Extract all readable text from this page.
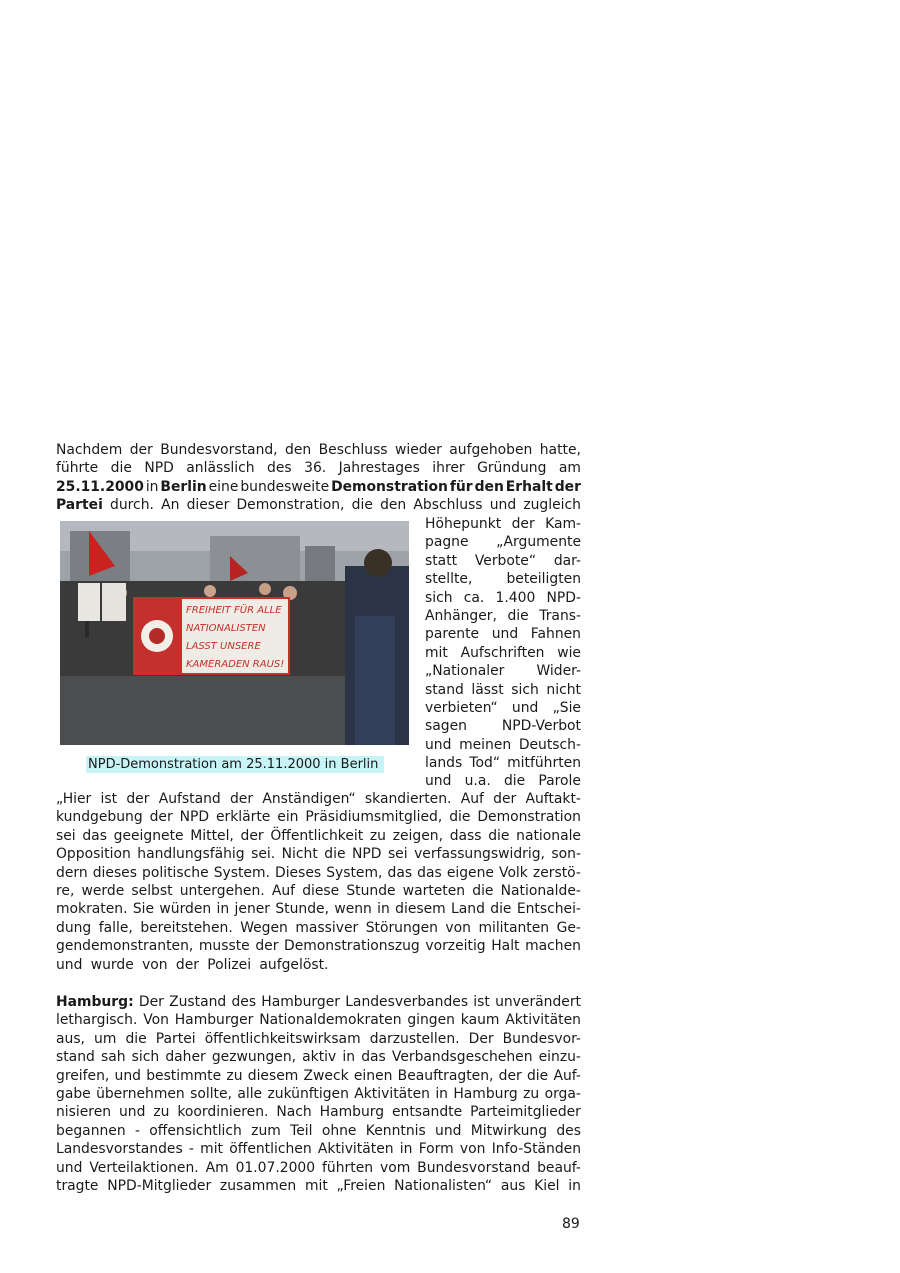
Nachdem der Bundesvorstand, den Beschluss wieder aufgehoben hatte,
führte die NPD anlässlich des 36. Jahrestages ihrer Gründung am
25.11.2000 in Berlin eine bundesweite Demonstration für den Erhalt der
Partei durch. An dieser Demonstration, die den Abschluss und zugleich
FREIHEIT FÜR ALLE
NATIONALISTEN
LASST UNSERE
KAMERADEN RAUS!
NPD-Demonstration am 25.11.2000 in Berlin
Höhepunkt der Kam-
pagne „Argumente
statt Verbote“ dar-
stellte, beteiligten
sich ca. 1.400 NPD-
Anhänger, die Trans-
parente und Fahnen
mit Aufschriften wie
„Nationaler Wider-
stand lässt sich nicht
verbieten“ und „Sie
sagen	NPD-Verbot
und meinen Deutsch-
lands Tod“ mitführten
und u.a. die Parole
„Hier ist der Aufstand der Anständigen“ skandierten. Auf der Auftakt-
kundgebung der NPD erklärte ein Präsidiumsmitglied, die Demonstration
sei das geeignete Mittel, der Öffentlichkeit zu zeigen, dass die nationale
Opposition handlungsfähig sei. Nicht die NPD sei verfassungswidrig, son-
dern dieses politische System. Dieses System, das das eigene Volk zerstö-
re, werde selbst untergehen. Auf diese Stunde warteten die Nationalde-
mokraten. Sie würden in jener Stunde, wenn in diesem Land die Entschei-
dung falle, bereitstehen. Wegen massiver Störungen von militanten Ge-
gendemonstranten, musste der Demonstrationszug vorzeitig Halt machen
und wurde von der Polizei aufgelöst.
Hamburg: Der Zustand des Hamburger Landesverbandes ist unverändert
lethargisch. Von Hamburger Nationaldemokraten gingen kaum Aktivitäten
aus, um die Partei öffentlichkeitswirksam darzustellen. Der Bundesvor-
stand sah sich daher gezwungen, aktiv in das Verbandsgeschehen einzu-
greifen, und bestimmte zu diesem Zweck einen Beauftragten, der die Auf-
gabe übernehmen sollte, alle zukünftigen Aktivitäten in Hamburg zu orga-
nisieren und zu koordinieren. Nach Hamburg entsandte Parteimitglieder
begannen - offensichtlich zum Teil ohne Kenntnis und Mitwirkung des
Landesvorstandes - mit öffentlichen Aktivitäten in Form von Info-Ständen
und Verteilaktionen. Am 01.07.2000 führten vom Bundesvorstand beauf-
tragte NPD-Mitglieder zusammen mit „Freien Nationalisten“ aus Kiel in
89
